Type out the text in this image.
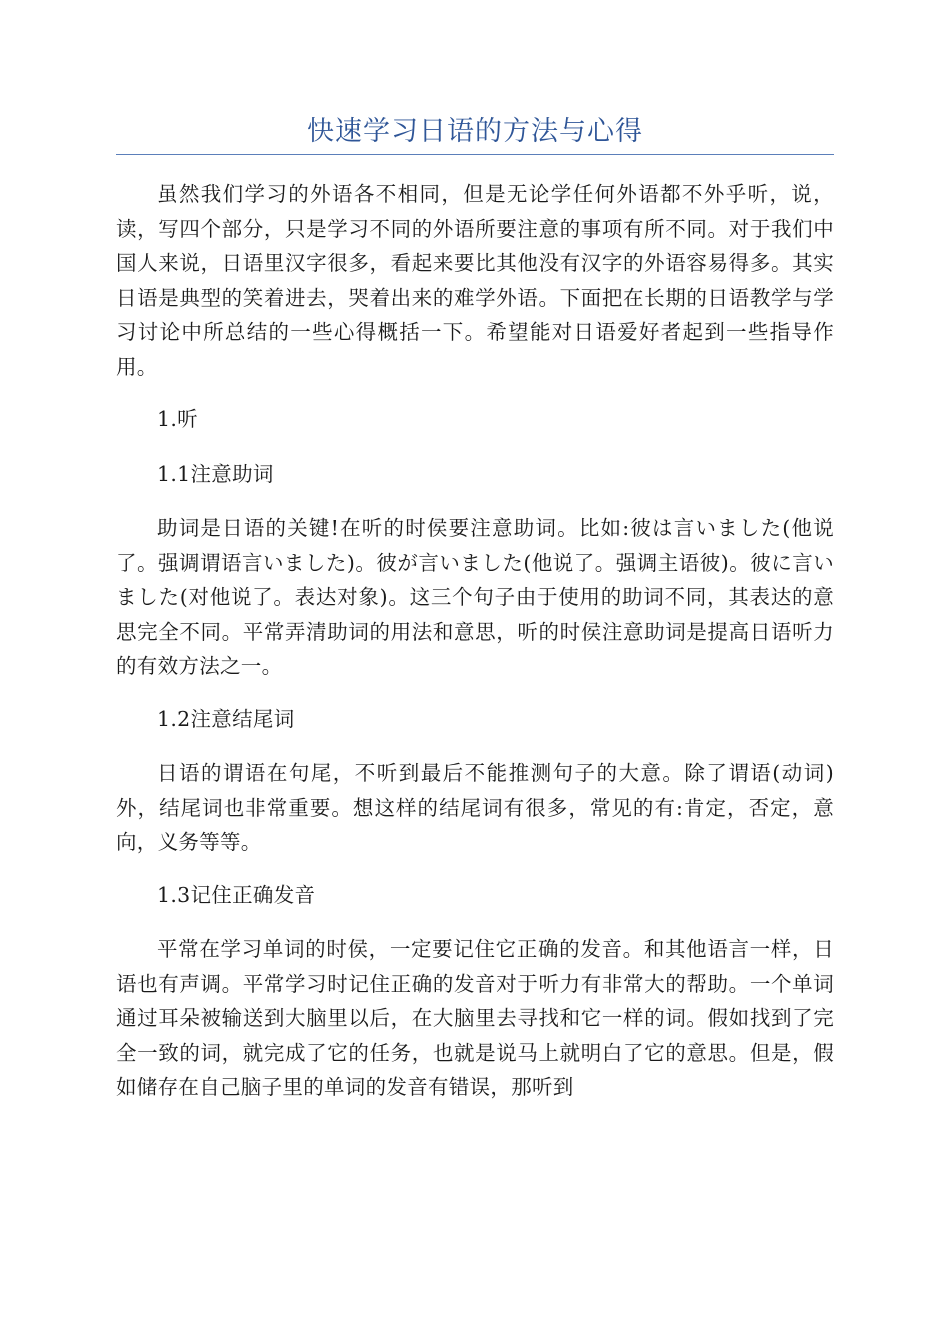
快速学习日语的方法与心得

虽然我们学习的外语各不相同，但是无论学任何外语都不外乎听，说，读，写四个部分，只是学习不同的外语所要注意的事项有所不同。对于我们中国人来说，日语里汉字很多，看起来要比其他没有汉字的外语容易得多。其实日语是典型的笑着进去，哭着出来的难学外语。下面把在长期的日语教学与学习讨论中所总结的一些心得概括一下。希望能对日语爱好者起到一些指导作用。

1.听

1.1注意助词

助词是日语的关键!在听的时侯要注意助词。比如:彼は言いました(他说了。强调谓语言いました)。彼が言いました(他说了。强调主语彼)。彼に言いました(对他说了。表达对象)。这三个句子由于使用的助词不同，其表达的意思完全不同。平常弄清助词的用法和意思，听的时侯注意助词是提高日语听力的有效方法之一。

1.2注意结尾词

日语的谓语在句尾，不听到最后不能推测句子的大意。除了谓语(动词)外，结尾词也非常重要。想这样的结尾词有很多，常见的有:肯定，否定，意向，义务等等。

1.3记住正确发音

平常在学习单词的时侯，一定要记住它正确的发音。和其他语言一样，日语也有声调。平常学习时记住正确的发音对于听力有非常大的帮助。一个单词通过耳朵被输送到大脑里以后，在大脑里去寻找和它一样的词。假如找到了完全一致的词，就完成了它的任务，也就是说马上就明白了它的意思。但是，假如储存在自己脑子里的单词的发音有错误，那听到
